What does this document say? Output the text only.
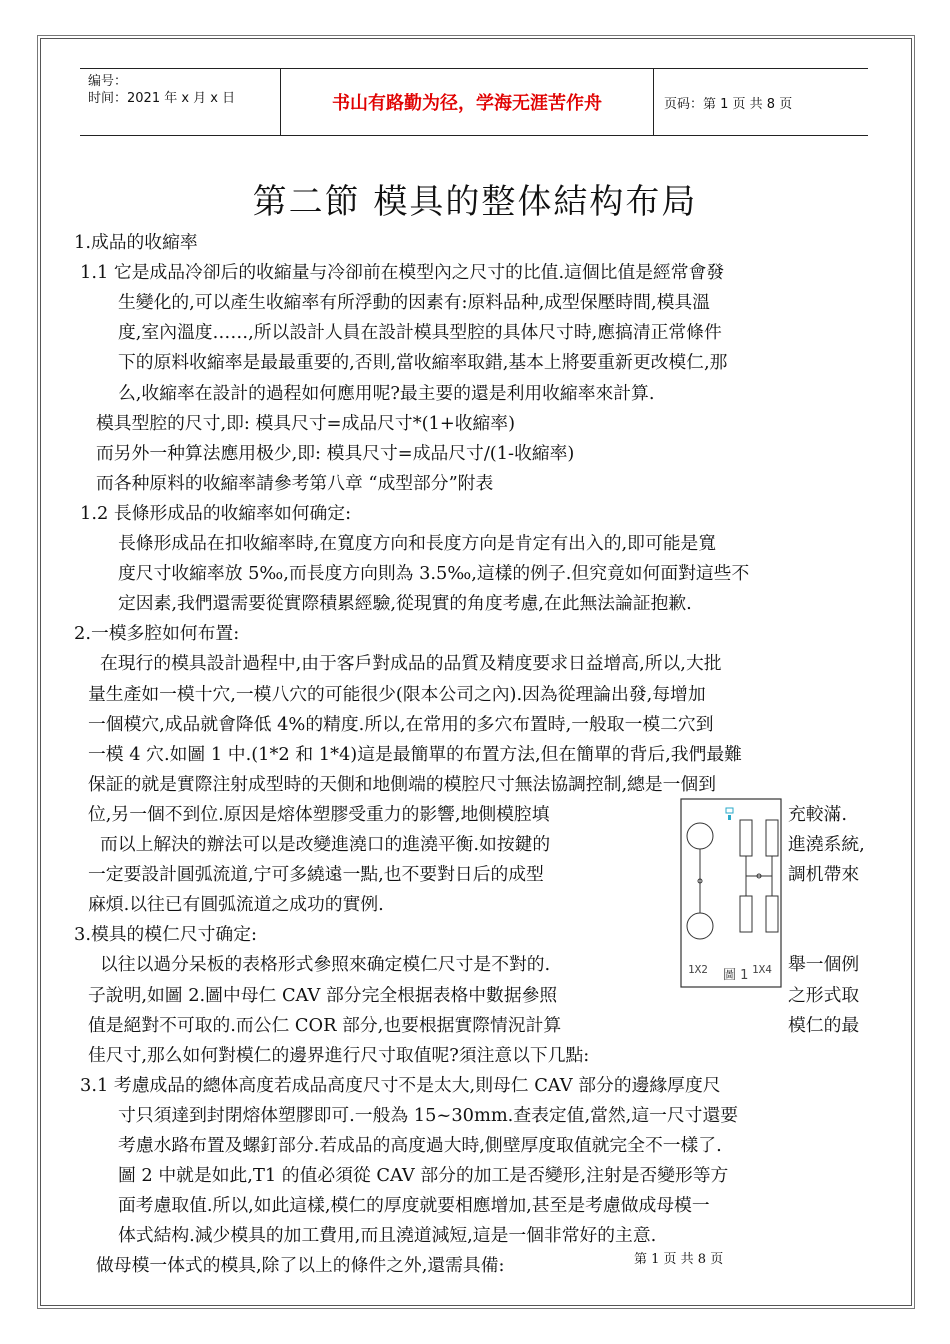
编号：
时间：2021 年 x 月 x 日	书山有路勤为径，学海无涯苦作舟	页码：第 1 页 共 8 页
第二節 模具的整体結构布局
1.成品的收縮率
1.1 它是成品冷卻后的收縮量与冷卻前在模型內之尺寸的比值.這個比值是經常會發
生變化的,可以產生收縮率有所浮動的因素有:原料品种,成型保壓時間,模具溫
度,室內溫度……,所以設計人員在設計模具型腔的具体尺寸時,應搞清正常條件
下的原料收縮率是最最重要的,否則,當收縮率取錯,基本上將要重新更改模仁,那
么,收縮率在設計的過程如何應用呢?最主要的還是利用收縮率來計算.
模具型腔的尺寸,即: 模具尺寸=成品尺寸*(1+收縮率)
而另外一种算法應用极少,即: 模具尺寸=成品尺寸/(1-收縮率)
而各种原料的收縮率請參考第八章 “成型部分”附表
1.2 長條形成品的收縮率如何确定:
長條形成品在扣收縮率時,在寬度方向和長度方向是肯定有出入的,即可能是寬
度尺寸收縮率放 5‰,而長度方向則為 3.5‰,這樣的例子.但究竟如何面對這些不
定因素,我們還需要從實際積累經驗,從現實的角度考慮,在此無法論証抱歉.
2.一模多腔如何布置:
在現行的模具設計過程中,由于客戶對成品的品質及精度要求日益增高,所以,大批
量生產如一模十穴,一模八穴的可能很少(限本公司之內).因為從理論出發,每增加
一個模穴,成品就會降低 4%的精度.所以,在常用的多穴布置時,一般取一模二穴到
一模 4 穴.如圖 1 中.(1*2 和 1*4)這是最簡單的布置方法,但在簡單的背后,我們最難
保証的就是實際注射成型時的天側和地側端的模腔尺寸無法協調控制,總是一個到
位,另一個不到位.原因是熔体塑膠受重力的影響,地側模腔填	充較滿.
而以上解決的辦法可以是改變進澆口的進澆平衡.如按鍵的	進澆系統,
一定要設計圓弧流道,宁可多繞遠一點,也不要對日后的成型	調机帶來
麻煩.以往已有圓弧流道之成功的實例.
3.模具的模仁尺寸确定:
以往以過分呆板的表格形式參照來确定模仁尺寸是不對的.	舉一個例
子說明,如圖 2.圖中母仁 CAV 部分完全根据表格中數据參照	之形式取
值是絕對不可取的.而公仁 COR 部分,也要根据實際情況計算	模仁的最
佳尺寸,那么如何對模仁的邊界進行尺寸取值呢?須注意以下几點:
3.1 考慮成品的總体高度若成品高度尺寸不是太大,則母仁 CAV 部分的邊緣厚度尺
寸只須達到封閉熔体塑膠即可.一般為 15~30mm.查表定值,當然,這一尺寸還要
考慮水路布置及螺釘部分.若成品的高度過大時,側壁厚度取值就完全不一樣了.
圖 2 中就是如此,T1 的值必須從 CAV 部分的加工是否變形,注射是否變形等方
面考慮取值.所以,如此這樣,模仁的厚度就要相應增加,甚至是考慮做成母模一
体式結构.減少模具的加工費用,而且澆道減短,這是一個非常好的主意.
做母模一体式的模具,除了以上的條件之外,還需具備:
1X2 圖 1 1X4
第 1 页 共 8 页
